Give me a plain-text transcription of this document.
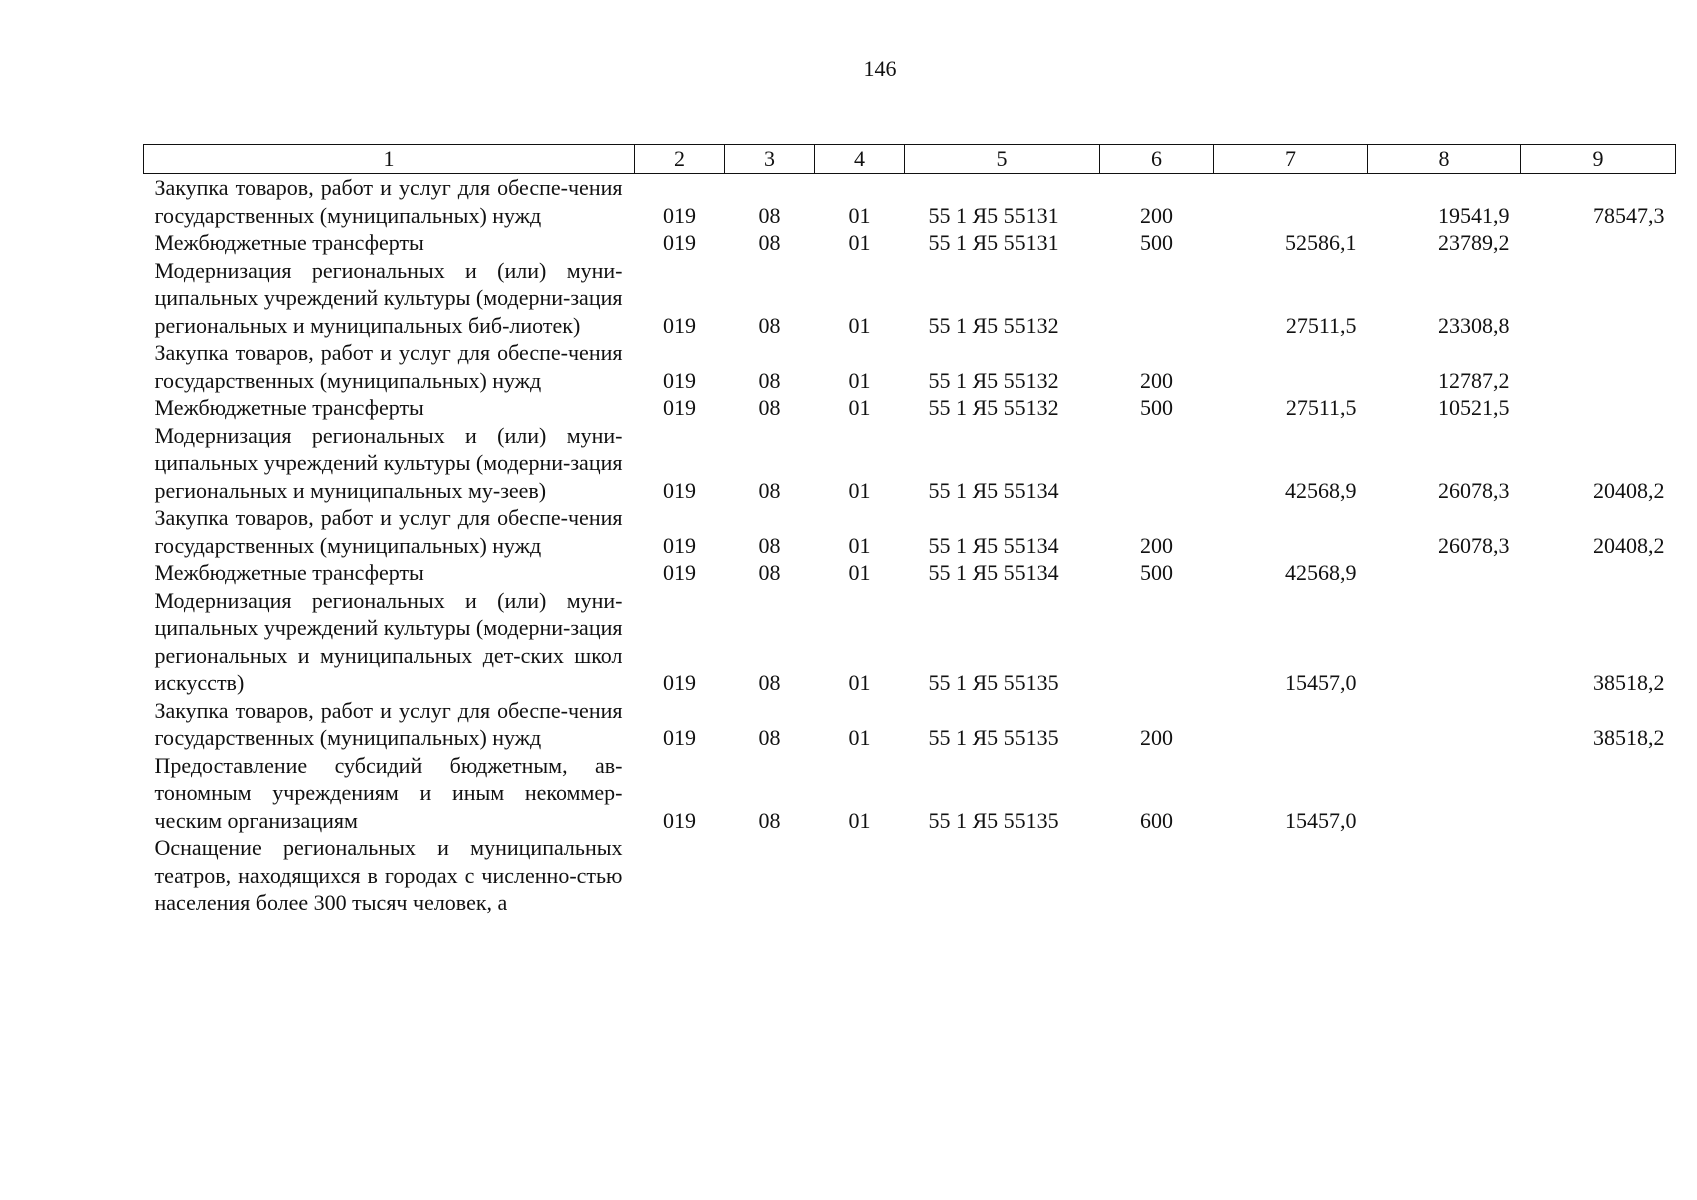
146
1	2	3	4	5	6	7	8	9
Закупка товаров, работ и услуг для обеспе-чения государственных (муниципальных) нужд	019	08	01	55 1 Я5 55131	200		19541,9	78547,3
Межбюджетные трансферты	019	08	01	55 1 Я5 55131	500	52586,1	23789,2	
Модернизация региональных и (или) муни-ципальных учреждений культуры (модерни-зация региональных и муниципальных биб-лиотек)	019	08	01	55 1 Я5 55132		27511,5	23308,8	
Закупка товаров, работ и услуг для обеспе-чения государственных (муниципальных) нужд	019	08	01	55 1 Я5 55132	200		12787,2	
Межбюджетные трансферты	019	08	01	55 1 Я5 55132	500	27511,5	10521,5	
Модернизация региональных и (или) муни-ципальных учреждений культуры (модерни-зация региональных и муниципальных му-зеев)	019	08	01	55 1 Я5 55134		42568,9	26078,3	20408,2
Закупка товаров, работ и услуг для обеспе-чения государственных (муниципальных) нужд	019	08	01	55 1 Я5 55134	200		26078,3	20408,2
Межбюджетные трансферты	019	08	01	55 1 Я5 55134	500	42568,9		
Модернизация региональных и (или) муни-ципальных учреждений культуры (модерни-зация региональных и муниципальных дет-ских школ искусств)	019	08	01	55 1 Я5 55135		15457,0		38518,2
Закупка товаров, работ и услуг для обеспе-чения государственных (муниципальных) нужд	019	08	01	55 1 Я5 55135	200			38518,2
Предоставление субсидий бюджетным, ав-тономным учреждениям и иным некоммер-ческим организациям	019	08	01	55 1 Я5 55135	600	15457,0		
Оснащение региональных и муниципальных театров, находящихся в городах с численно-стью населения более 300 тысяч человек, а								
